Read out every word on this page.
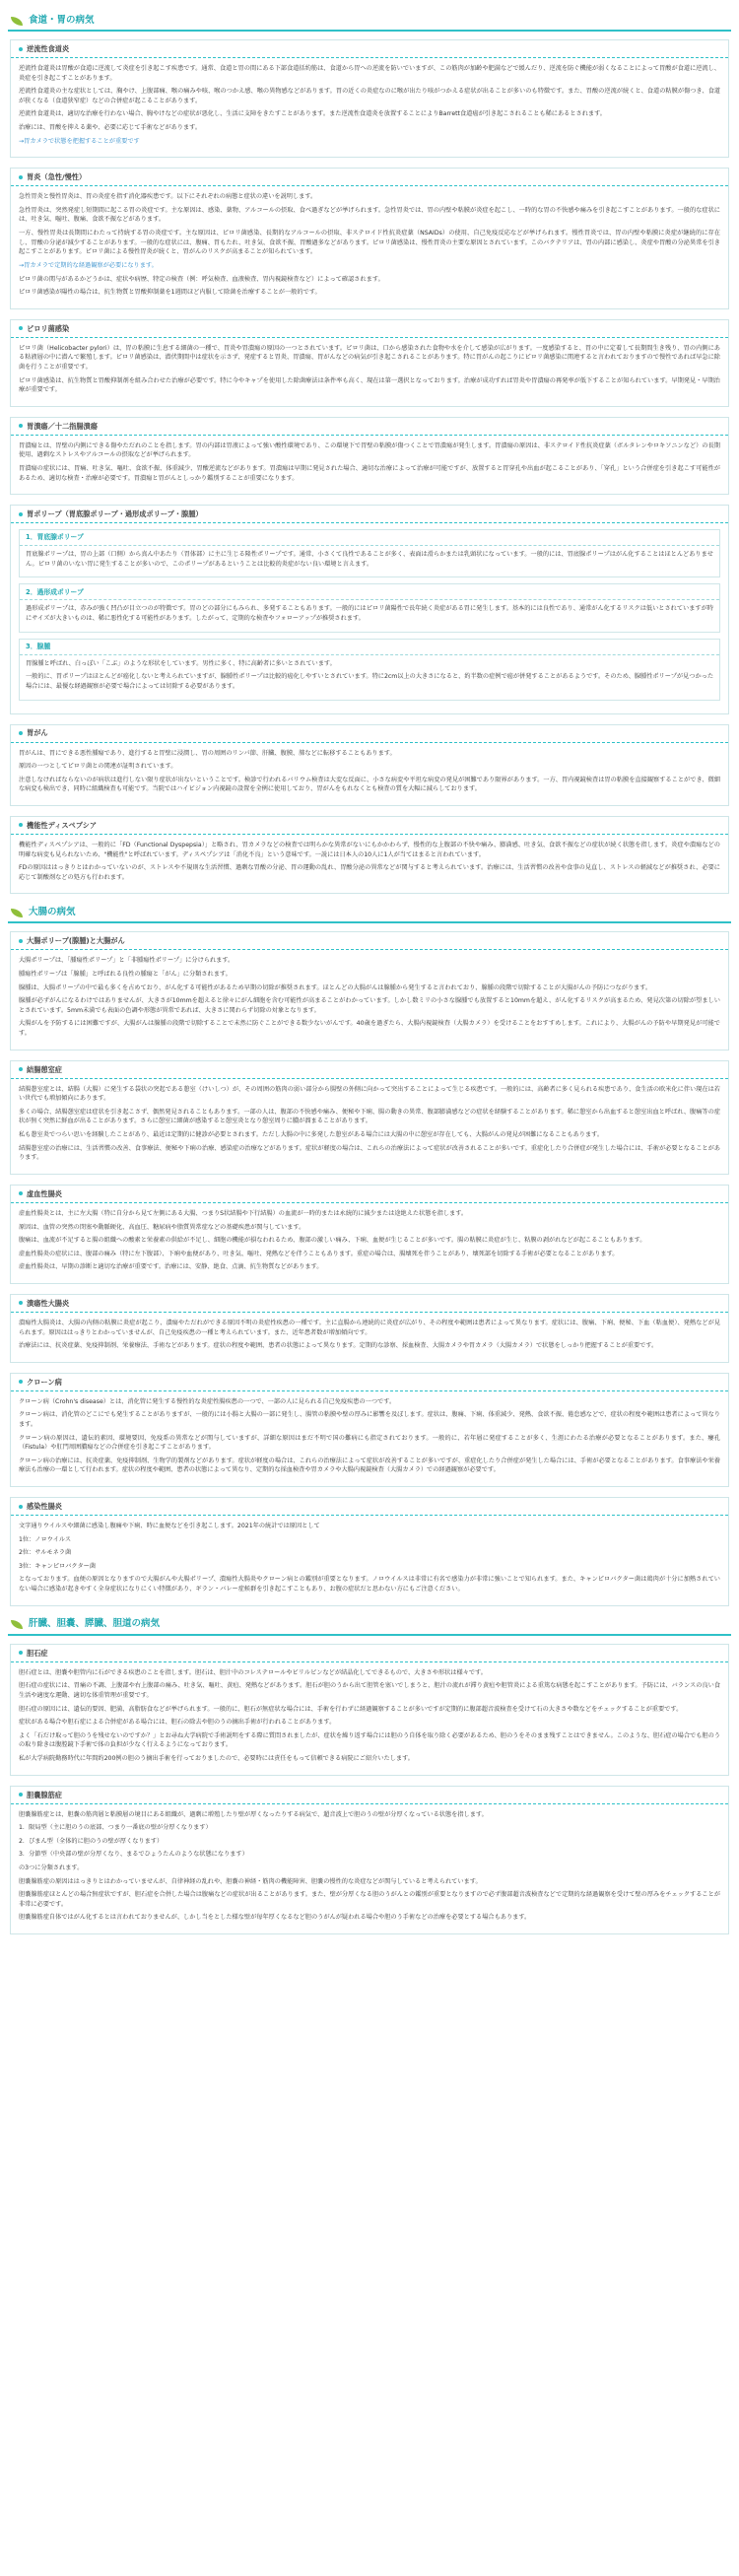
食道・胃の病気
逆流性食道炎

逆流性食道炎は胃酸が食道に逆流して炎症を引き起こす疾患です。通常、食道と胃の間にある下部食道括約筋は、食道から胃への逆流を防いでいますが、この筋肉が加齢や肥満などで緩んだり、逆流を防ぐ機能が弱くなることによって胃酸が食道に逆流し、炎症を引き起こすことがあります。

逆流性食道炎の主な症状としては、胸やけ、上腹部痛、喉の痛みや咳、喉のつかえ感、喉の異物感などがあります。胃の近くの炎症なのに喉が出たり咳がつかえる症状が出ることが多いのも特徴です。また、胃酸の逆流が続くと、食道の粘膜が傷つき、食道が狭くなる（食道狭窄症）などの合併症が起こることがあります。

逆流性食道炎は、適切な治療を行わない場合、胸やけなどの症状が悪化し、生活に支障をきたすことがあります。また逆流性食道炎を放置することによりBarrett食道癌が引き起こされることも稀にあるとされます。

治療には、胃酸を抑える薬や、必要に応じて手術などがあります。

→胃カメラで状態を把握することが重要です
胃炎（急性/慢性）

急性胃炎と慢性胃炎は、胃の炎症を指す消化器疾患です。以下にそれぞれの病態と症状の違いを説明します。

急性胃炎は、突然発症し短期間に起こる胃の炎症です。主な原因は、感染、薬物、アルコールの摂取、食べ過ぎなどが挙げられます。急性胃炎では、胃の内壁や粘膜が炎症を起こし、一時的な胃の不快感や痛みを引き起こすことがあります。一般的な症状には、吐き気、嘔吐、腹痛、食欲不振などがあります。

一方、慢性胃炎は長期間にわたって持続する胃の炎症です。主な原因は、ピロリ菌感染、長期的なアルコールの摂取、非ステロイド性抗炎症薬（NSAIDs）の使用、自己免疫反応などが挙げられます。慢性胃炎では、胃の内壁や粘膜に炎症が継続的に存在し、胃酸の分泌が減少することがあります。一般的な症状には、腹痛、胃もたれ、吐き気、食欲不振、胃酸過多などがあります。ピロリ菌感染は、慢性胃炎の主要な原因とされています。このバクテリアは、胃の内部に感染し、炎症や胃酸の分泌異常を引き起こすことがあります。ピロリ菌による慢性胃炎が続くと、胃がんのリスクが高まることが知られています。

→胃カメラで定期的な経過観察が必要になります。

ピロリ菌の関与があるかどうかは、症状や病歴、特定の検査（例：呼気検査、血液検査、胃内視鏡検査など）によって確認されます。

ピロリ菌感染が陽性の場合は、抗生物質と胃酸抑制薬を1週間ほど内服して除菌を治療することが一般的です。

ピロリ菌感染

ピロリ菌（Helicobacter pylori）は、胃の粘膜に生息する細菌の一種で、胃炎や胃潰瘍の原因の一つとされています。ピロリ菌は、口から感染された食物や水を介して感染が広がります。一度感染すると、胃の中に定着して長期間生き残り、胃の内側にある粘液層の中に潜んで繁殖します。ピロリ菌感染は、潜伏期間中は症状を示さず、発症すると胃炎、胃潰瘍、胃がんなどの病気が引き起こされることがあります。特に胃がんの起こりにピロリ菌感染に関連すると言われておりますので慢性であれば早急に除菌を行うことが重要です。

ピロリ菌感染は、抗生物質と胃酸抑制剤を組み合わせた治療が必要です。特に今やキャプを使用した除菌療法は条件率も高く、現在は第一選択となっております。治療が成功すれば胃炎や胃潰瘍の再発率が低下することが知られています。早期発見・早期治療が重要です。

胃潰瘍／十二指腸潰瘍

胃潰瘍とは、胃壁の内側にできる傷やただれのことを指します。胃の内部は胃液によって強い酸性環境であり、この環境下で胃壁の粘膜が傷つくことで胃潰瘍が発生します。胃潰瘍の原因は、非ステロイド性抗炎症薬（ボルタレンやロキソニンなど）の長期使用、過剰なストレスやアルコールの摂取などが挙げられます。

胃潰瘍の症状には、胃痛、吐き気、嘔吐、食欲不振、体重減少、胃酸逆流などがあります。胃潰瘍は早期に発見された場合、適切な治療によって治療が可能ですが、放置すると胃穿孔や出血が起こることがあり、「穿孔」という合併症を引き起こす可能性があるため、適切な検査・治療が必要です。胃潰瘍と胃がんとしっかり鑑別することが重要になります。

胃ポリープ（胃底腺ポリープ・過形成ポリープ・腺腫）
1．胃底腺ポリープ

胃底腺ポリープは、胃の上部（口側）から真ん中あたり（胃体部）に主に生じる隆性ポリープです。通常、小さくて良性であることが多く、表面は滑らかまたは乳頭状になっています。一般的には、胃底腺ポリープはがん化することはほとんどありません。ピロリ菌のいない胃に発生することが多いので、このポリープがあるということは比較的炎症がない良い環境と言えます。

2．過形成ポリープ

過形成ポリープは、赤みが強く凹凸が目立つのが特徴です。胃のどの部分にもみられ、多発することもあります。一般的にはピロリ菌陽性で長年続く炎症がある胃に発生します。基本的には良性であり、通常がん化するリスクは低いとされていますが時にサイズが大きいものは、稀に悪性化する可能性があります。したがって、定期的な検査やフォローアップが推奨されます。

3．腺腫

胃腺腫と呼ばれ、白っぽい「こぶ」のような形状をしています。男性に多く、特に高齢者に多いとされています。

一般的に、胃ポリープはほとんどが癌化しないと考えられていますが、腺腫性ポリープは比較的癌化しやすいとされています。特に2cm以上の大きさになると、約半数の症例で癌が併発することがあるようです。そのため、腺腫性ポリープが見つかった場合には、最優な経過観察が必要で場合によっては切除する必要があります。

胃がん

胃がんは、胃にできる悪性腫瘍であり、進行すると胃壁に浸潤し、胃の周囲のリンパ節、肝臓、腹膜、肺などに転移することもあります。

原因の一つとしてピロリ菌との関連が証明されています。

注意しなければならないのが病状は進行しない限り症状が出ないということです。検診で行われるバリウム検査は大変な反面に、小さな病変や平坦な病変の発見が困難であり限界があります。一方、胃内視鏡検査は胃の粘膜を直接観察することができ、微細な病変も検出でき、同時に組織検査も可能です。当院ではハイビジョン内視鏡の設置を全例に使用しており、胃がんをもれなくとも検査の質を大幅に減らしております。

機能性ディスペプシア

機能性ディスペプシアは、一般的に「FD（Functional Dyspepsia）」と略され、胃カメラなどの検査では明らかな異常がないにもかかわらず、慢性的な上腹部の不快や痛み、膨満感、吐き気、食欲不振などの症状が続く状態を指します。炎症や潰瘍などの明確な病変も見られないため、"機能性"と呼ばれています。ディスペプシアは「消化不良」という意味です。一説には日本人の10人に1人が当てはまると言われています。

FDの原因ははっきりとはわかっていないのが、ストレスや不規則な生活習慣、過剰な胃酸の分泌、胃の運動の乱れ、胃酸分泌の異常などが関与すると考えられています。治療には、生活習慣の改善や食事の見直し、ストレスの軽減などが推奨され、必要に応じて制酸剤などの処方も行われます。

大腸の病気
大腸ポリープ(腺腫)と大腸がん

大腸ポリープは、「腫瘍性ポリープ」と「非腫瘍性ポリープ」に分けられます。

腫瘍性ポリープは「腺腫」と呼ばれる良性の腫瘍と「がん」に分類されます。

腺腫は、大腸ポリープの中で最も多くを占めており、がん化する可能性があるため早期の切除が推奨されます。ほとんどの大腸がんは腺腫から発生すると言われており、腺腫の段階で切除することが大腸がんの予防につながります。

腺腫が必ずがんになるわけではありませんが、大きさが10mmを超えると徐々にがん細胞を含む可能性が高まることがわかっています。しかし数ミリの小さな腺腫でも放置すると10mmを超え、がん化するリスクが高まるため、発見次第の切除が望ましいとされています。5mm未満でも表面の色調や形態が異常であれば、大きさに関わらず切除の対象となります。

大腸がんを予防するには困難ですが、大腸がんは腺腫の段階で切除することで未然に防ぐことができる数少ないがんです。40歳を過ぎたら、大腸内視鏡検査（大腸カメラ）を受けることをおすすめします。これにより、大腸がんの予防や早期発見が可能です。

結腸憩室症

結腸憩室症とは、結腸（大腸）に発生する袋状の突起である憩室（けいしつ）が、その周囲の筋肉の弱い部分から腸壁の外側に向かって突出することによって生じる疾患です。一般的には、高齢者に多く見られる疾患であり、食生活の欧米化に伴い現在は若い世代でも増加傾向にあります。

多くの場合、結腸憩室症は症状を引き起こさず、偶然発見されることもあります。一部の人は、腹部の不快感や痛み、便秘や下痢、腸の動きの異常、腹部膨満感などの症状を経験することがあります。稀に憩室から出血すると憩室出血と呼ばれ、腹痛等の症状が無く突然に鮮血が出ることがあります。さらに憩室に細菌が感染すると憩室炎となり憩室周りに膿が溜まることがあります。

私も憩室炎でつらい思いを経験したことがあり、最近は定期的に健診が必要とされます。ただし大腸の中に多発した憩室がある場合には大腸の中に憩室が存在しても、大腸がんの発見が困難になることもあります。

結腸憩室症の治療には、生活習慣の改善、食事療法、便秘や下痢の治療、感染症の治療などがあります。症状が軽度の場合は、これらの治療法によって症状が改善されることが多いです。重症化したり合併症が発生した場合には、手術が必要となることがあります。

虚血性腸炎

虚血性腸炎とは、主に左大腸（特に自分から見て左側にある大腸、つまりS状結腸や下行結腸）の血流が一時的または永続的に減少または途絶えた状態を指します。

原因は、血管の突然の閉塞や動脈硬化、高血圧、糖尿病や脂質異常症などの基礎疾患が関与しています。

腹痛は、血流が不足すると腸の組織への酸素と栄養素の供給が不足し、細胞の機能が損なわれるため、腹部の激しい痛み、下痢、血便が生じることが多いです。腸の粘膜に炎症が生じ、粘膜の剥がれなどが起こることもあります。

虚血性腸炎の症状には、腹部の痛み（特に左下腹部）、下痢や血便があり、吐き気、嘔吐、発熱などを伴うこともあります。重症の場合は、腸壊死を伴うことがあり、壊死部を切除する手術が必要となることがあります。

虚血性腸炎は、早期の診断と適切な治療が重要です。治療には、安静、絶食、点滴、抗生物質などがあります。

潰瘍性大腸炎

潰瘍性大腸炎は、大腸の内側の粘膜に炎症が起こり、潰瘍やただれができる原因不明の炎症性疾患の一種です。主に直腸から連続的に炎症が広がり、その程度や範囲は患者によって異なります。症状には、腹痛、下痢、便秘、下血（粘血便）、発熱などが見られます。原因ははっきりとわかっていませんが、自己免疫疾患の一種と考えられています。また、近年患者数が増加傾向です。

治療法には、抗炎症薬、免疫抑制剤、栄養療法、手術などがあります。症状の程度や範囲、患者の状態によって異なります。定期的な診察、採血検査、大腸カメラや胃カメラ（大腸カメラ）で状態をしっかり把握することが重要です。

クローン病

クローン病（Crohn's disease）とは、消化管に発生する慢性的な炎症性腸疾患の一つで、一部の人に見られる自己免疫疾患の一つです。

クローン病は、消化管のどこにでも発生することがありますが、一般的には小腸と大腸の一部に発生し、腸管の粘膜や壁の厚みに影響を及ぼします。症状は、腹痛、下痢、体重減少、発熱、食欲不振、倦怠感などで、症状の程度や範囲は患者によって異なります。

クローン病の原因は、遺伝的素因、環境要因、免疫系の異常などが関与していますが、詳細な原因はまだ不明で国の難病にも指定されております。一般的に、若年層に発症することが多く、生涯にわたる治療が必要となることがあります。また、瘻孔（Fistula）や肛門周囲膿瘍などの合併症を引き起こすことがあります。

クローン病の治療には、抗炎症薬、免疫抑制剤、生物学的製剤などがあります。症状が軽度の場合は、これらの治療法によって症状が改善することが多いですが、重症化したり合併症が発生した場合には、手術が必要となることがあります。食事療法や栄養療法も治療の一環として行われます。症状の程度や範囲、患者の状態によって異なり、定期的な採血検査や胃カメラや大腸内視鏡検査（大腸カメラ）での経過観察が必要です。

感染性腸炎

文字通りウイルスや細菌に感染し腹痛や下痢、時に血便などを引き起こします。2021年の統計では原因として

1位：ノロウイルス

2位：サルモネラ菌

3位：キャンピロバクター菌

となっております。血便の原因となりますので大腸がんや大腸ポリープ、潰瘍性大腸炎やクローン病との鑑別が重要となります。ノロウイルスは非常に有名で感染力が非常に強いことで知られます。また、キャンピロバクター菌は鶏肉が十分に加熱されていない場合に感染が起きやすく全身症状になりにくい特徴があり、ギラン・バレー症候群を引き起こすこともあり、お腹の症状だと思わない方にもご注意ください。

肝臓、胆嚢、膵臓、胆道の病気
胆石症

胆石症とは、胆嚢や胆管内に石ができる疾患のことを指します。胆石は、胆汁中のコレステロールやビリルビンなどが結晶化してできるもので、大きさや形状は様々です。

胆石症の症状には、胃痛の不調、上腹部や右上腹部の痛み、吐き気、嘔吐、黄疸、発熱などがあります。胆石が胆のうから出て胆管を塞いでしまうと、胆汁の流れが滞り黄疸や胆管炎による重篤な病態を起こすことがあります。予防には、バランスの良い食生活や適度な運動、適切な体重管理が重要です。

胆石症の原因には、遺伝的要因、肥満、高脂肪食などが挙げられます。一般的に、胆石が無症状な場合には、手術を行わずに経過観察することが多いですが定期的に腹部超音波検査を受けて石の大きさや数などをチェックすることが重要です。

症状がある場合や胆石症による合併症がある場合には、胆石の除去や胆のうの摘出手術が行われることがあります。

よく「石だけ取って胆のうを残せないのですか？」とお尋ね大学病院で手術説明をする際に質問されましたが、症状を繰り返す場合には胆のう自体を取り除く必要があるため、胆のうをそのまま残すことはできません。このような、胆石症の場合でも胆のうの取り除きは腹腔鏡下手術で体の負担が少なく行えるようになっております。

私が大学病院勤務時代に年間約200例の胆のう摘出手術を行っておりましたので、必要時には責任をもって信頼できる病院にご紹介いたします。

胆嚢腺筋症

胆嚢腺筋症とは、胆嚢の筋肉層と粘膜層の境目にある組織が、過剰に増殖したり壁が厚くなったりする病気で、超音波上で胆のうの壁が分厚くなっている状態を指します。

1．限局型（主に胆のうの底部、つまり一番底の壁が分厚くなります）

2．びまん型（全体的に胆のうの壁が厚くなります）

3．分節型（中央部の壁が分厚くなり、まるでひょうたんのような状態になります）

の3つに分類されます。

胆嚢腺筋症の原因ははっきりとはわかっていませんが、自律神経の乱れや、胆嚢の神経・筋肉の機能障害、胆嚢の慢性的な炎症などが関与していると考えられています。

胆嚢腺筋症ほとんどの場合無症状ですが、胆石症を合併した場合は腹痛などの症状が出ることがあります。また、壁が分厚くなる胆のうがんとの鑑別が重要となりますので必ず腹部超音波検査などで定期的な経過観察を受けて壁の厚みをチェックすることが非常に必要です。

胆嚢腺筋症自体ではがん化するとは言われておりませんが、しかし当をとした様な壁が毎年厚くなるなど胆のうがんが疑われる場合や胆のう手術などの治療を必要とする場合もあります。
